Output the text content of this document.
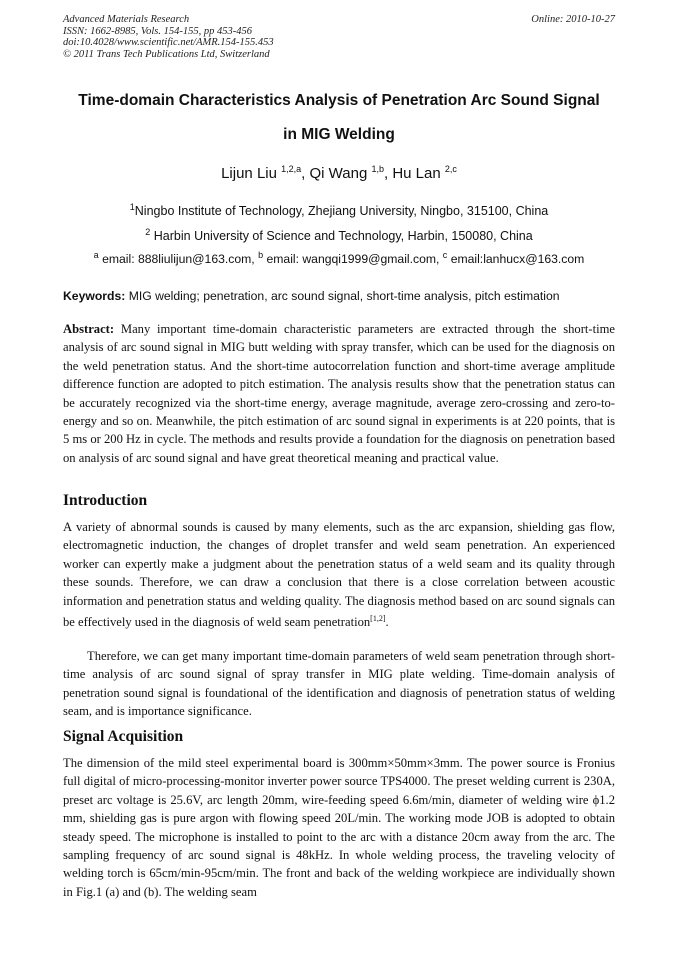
Advanced Materials Research
ISSN: 1662-8985, Vols. 154-155, pp 453-456
doi:10.4028/www.scientific.net/AMR.154-155.453
© 2011 Trans Tech Publications Ltd, Switzerland
Online: 2010-10-27
Time-domain Characteristics Analysis of Penetration Arc Sound Signal
in MIG Welding
Lijun Liu $^{1,2,a}$, Qi Wang $^{1,b}$, Hu Lan $^{2,c}$
$^1$Ningbo Institute of Technology, Zhejiang University, Ningbo, 315100, China
$^2$ Harbin University of Science and Technology, Harbin, 150080, China
$^a$ email: 888liulijun@163.com, $^b$ email: wangqi1999@gmail.com, $^c$ email:lanhucx@163.com
Keywords: MIG welding; penetration, arc sound signal, short-time analysis, pitch estimation
Abstract: Many important time-domain characteristic parameters are extracted through the short-time analysis of arc sound signal in MIG butt welding with spray transfer, which can be used for the diagnosis on the weld penetration status. And the short-time autocorrelation function and short-time average amplitude difference function are adopted to pitch estimation. The analysis results show that the penetration status can be accurately recognized via the short-time energy, average magnitude, average zero-crossing and zero-to-energy and so on. Meanwhile, the pitch estimation of arc sound signal in experiments is at 220 points, that is 5 ms or 200 Hz in cycle. The methods and results provide a foundation for the diagnosis on penetration based on analysis of arc sound signal and have great theoretical meaning and practical value.
Introduction
A variety of abnormal sounds is caused by many elements, such as the arc expansion, shielding gas flow, electromagnetic induction, the changes of droplet transfer and weld seam penetration. An experienced worker can expertly make a judgment about the penetration status of a weld seam and its quality through these sounds. Therefore, we can draw a conclusion that there is a close correlation between acoustic information and penetration status and welding quality. The diagnosis method based on arc sound signals can be effectively used in the diagnosis of weld seam penetration[1,2].
Therefore, we can get many important time-domain parameters of weld seam penetration through short-time analysis of arc sound signal of spray transfer in MIG plate welding. Time-domain analysis of penetration sound signal is foundational of the identification and diagnosis of penetration status of welding seam, and is importance significance.
Signal Acquisition
The dimension of the mild steel experimental board is 300mm×50mm×3mm. The power source is Fronius full digital of micro-processing-monitor inverter power source TPS4000. The preset welding current is 230A, preset arc voltage is 25.6V, arc length 20mm, wire-feeding speed 6.6m/min, diameter of welding wire ϕ1.2 mm, shielding gas is pure argon with flowing speed 20L/min. The working mode JOB is adopted to obtain steady speed. The microphone is installed to point to the arc with a distance 20cm away from the arc. The sampling frequency of arc sound signal is 48kHz. In whole welding process, the traveling velocity of welding torch is 65cm/min-95cm/min. The front and back of the welding workpiece are individually shown in Fig.1 (a) and (b). The welding seam
